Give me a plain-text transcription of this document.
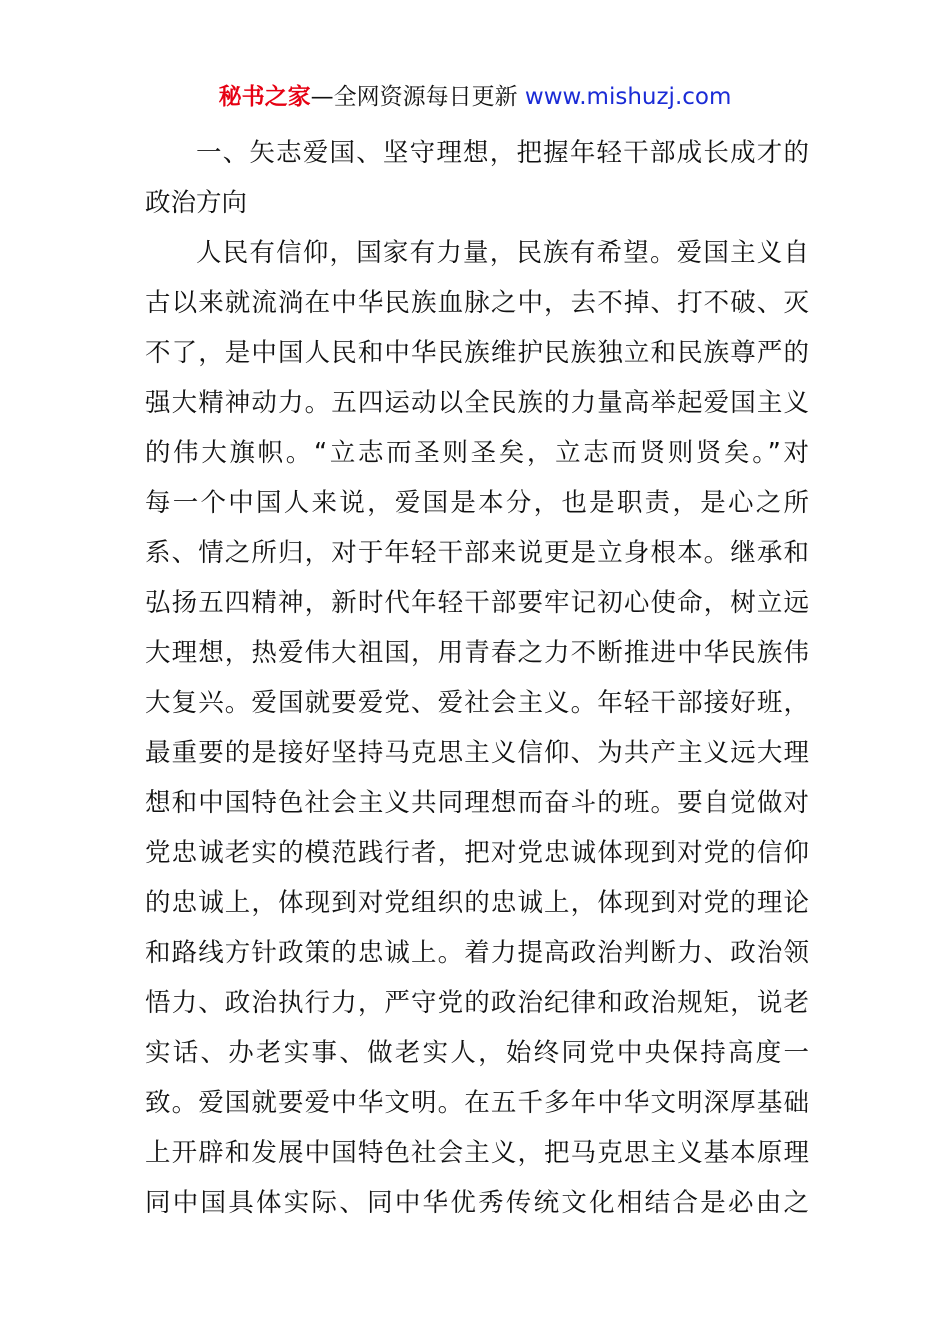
秘书之家—全网资源每日更新 www.mishuzj.com
一、矢志爱国、坚守理想，把握年轻干部成长成才的
政治方向
人民有信仰，国家有力量，民族有希望。爱国主义自
古以来就流淌在中华民族血脉之中，去不掉、打不破、灭
不了，是中国人民和中华民族维护民族独立和民族尊严的
强大精神动力。五四运动以全民族的力量高举起爱国主义
的伟大旗帜。“立志而圣则圣矣，立志而贤则贤矣。”对
每一个中国人来说，爱国是本分，也是职责，是心之所
系、情之所归，对于年轻干部来说更是立身根本。继承和
弘扬五四精神，新时代年轻干部要牢记初心使命，树立远
大理想，热爱伟大祖国，用青春之力不断推进中华民族伟
大复兴。爱国就要爱党、爱社会主义。年轻干部接好班，
最重要的是接好坚持马克思主义信仰、为共产主义远大理
想和中国特色社会主义共同理想而奋斗的班。要自觉做对
党忠诚老实的模范践行者，把对党忠诚体现到对党的信仰
的忠诚上，体现到对党组织的忠诚上，体现到对党的理论
和路线方针政策的忠诚上。着力提高政治判断力、政治领
悟力、政治执行力，严守党的政治纪律和政治规矩，说老
实话、办老实事、做老实人，始终同党中央保持高度一
致。爱国就要爱中华文明。在五千多年中华文明深厚基础
上开辟和发展中国特色社会主义，把马克思主义基本原理
同中国具体实际、同中华优秀传统文化相结合是必由之
